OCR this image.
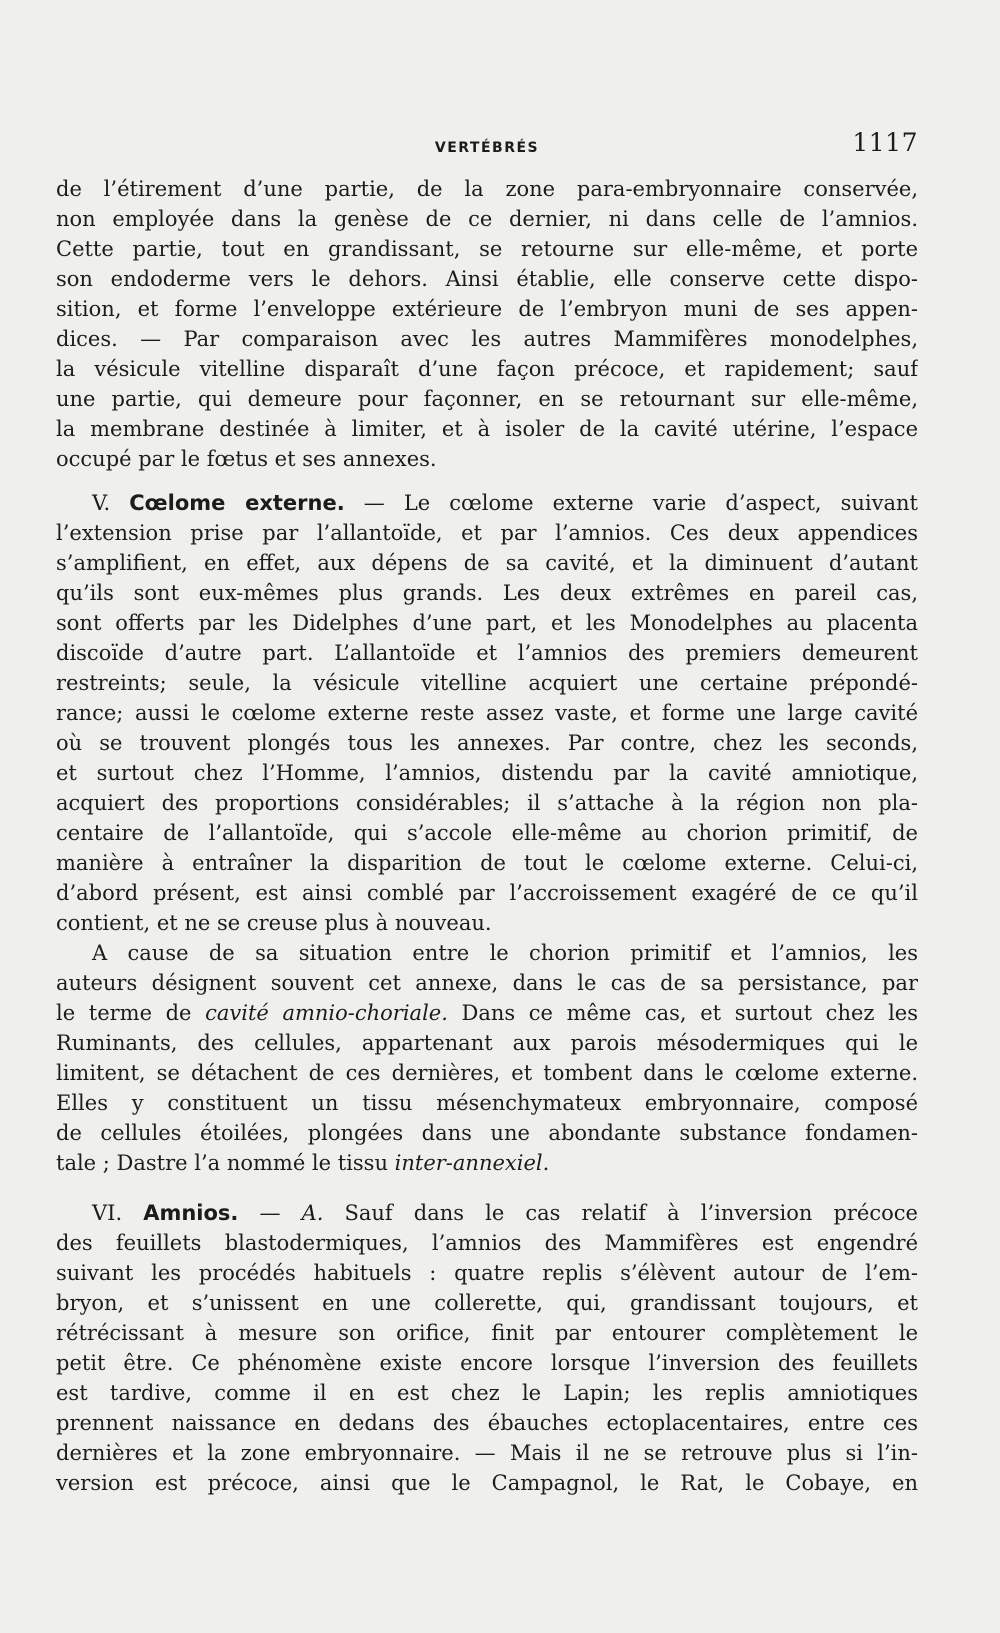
VERTÉBRÉS	1117
de l’étirement d’une partie, de la zone para-embryonnaire conservée,
non employée dans la genèse de ce dernier, ni dans celle de l’amnios.
Cette partie, tout en grandissant, se retourne sur elle-même, et porte
son endoderme vers le dehors. Ainsi établie, elle conserve cette dispo-
sition, et forme l’enveloppe extérieure de l’embryon muni de ses appen-
dices. — Par comparaison avec les autres Mammifères monodelphes,
la vésicule vitelline disparaît d’une façon précoce, et rapidement; sauf
une partie, qui demeure pour façonner, en se retournant sur elle-même,
la membrane destinée à limiter, et à isoler de la cavité utérine, l’espace
occupé par le fœtus et ses annexes.
V. Cœlome externe. — Le cœlome externe varie d’aspect, suivant
l’extension prise par l’allantoïde, et par l’amnios. Ces deux appendices
s’amplifient, en effet, aux dépens de sa cavité, et la diminuent d’autant
qu’ils sont eux-mêmes plus grands. Les deux extrêmes en pareil cas,
sont offerts par les Didelphes d’une part, et les Monodelphes au placenta
discoïde d’autre part. L’allantoïde et l’amnios des premiers demeurent
restreints; seule, la vésicule vitelline acquiert une certaine prépondé-
rance; aussi le cœlome externe reste assez vaste, et forme une large cavité
où se trouvent plongés tous les annexes. Par contre, chez les seconds,
et surtout chez l’Homme, l’amnios, distendu par la cavité amniotique,
acquiert des proportions considérables; il s’attache à la région non pla-
centaire de l’allantoïde, qui s’accole elle-même au chorion primitif, de
manière à entraîner la disparition de tout le cœlome externe. Celui-ci,
d’abord présent, est ainsi comblé par l’accroissement exagéré de ce qu’il
contient, et ne se creuse plus à nouveau.
A cause de sa situation entre le chorion primitif et l’amnios, les
auteurs désignent souvent cet annexe, dans le cas de sa persistance, par
le terme de cavité amnio-choriale. Dans ce même cas, et surtout chez les
Ruminants, des cellules, appartenant aux parois mésodermiques qui le
limitent, se détachent de ces dernières, et tombent dans le cœlome externe.
Elles y constituent un tissu mésenchymateux embryonnaire, composé
de cellules étoilées, plongées dans une abondante substance fondamen-
tale ; Dastre l’a nommé le tissu inter-annexiel.
VI. Amnios. — A. Sauf dans le cas relatif à l’inversion précoce
des feuillets blastodermiques, l’amnios des Mammifères est engendré
suivant les procédés habituels : quatre replis s’élèvent autour de l’em-
bryon, et s’unissent en une collerette, qui, grandissant toujours, et
rétrécissant à mesure son orifice, finit par entourer complètement le
petit être. Ce phénomène existe encore lorsque l’inversion des feuillets
est tardive, comme il en est chez le Lapin; les replis amniotiques
prennent naissance en dedans des ébauches ectoplacentaires, entre ces
dernières et la zone embryonnaire. — Mais il ne se retrouve plus si l’in-
version est précoce, ainsi que le Campagnol, le Rat, le Cobaye, en
